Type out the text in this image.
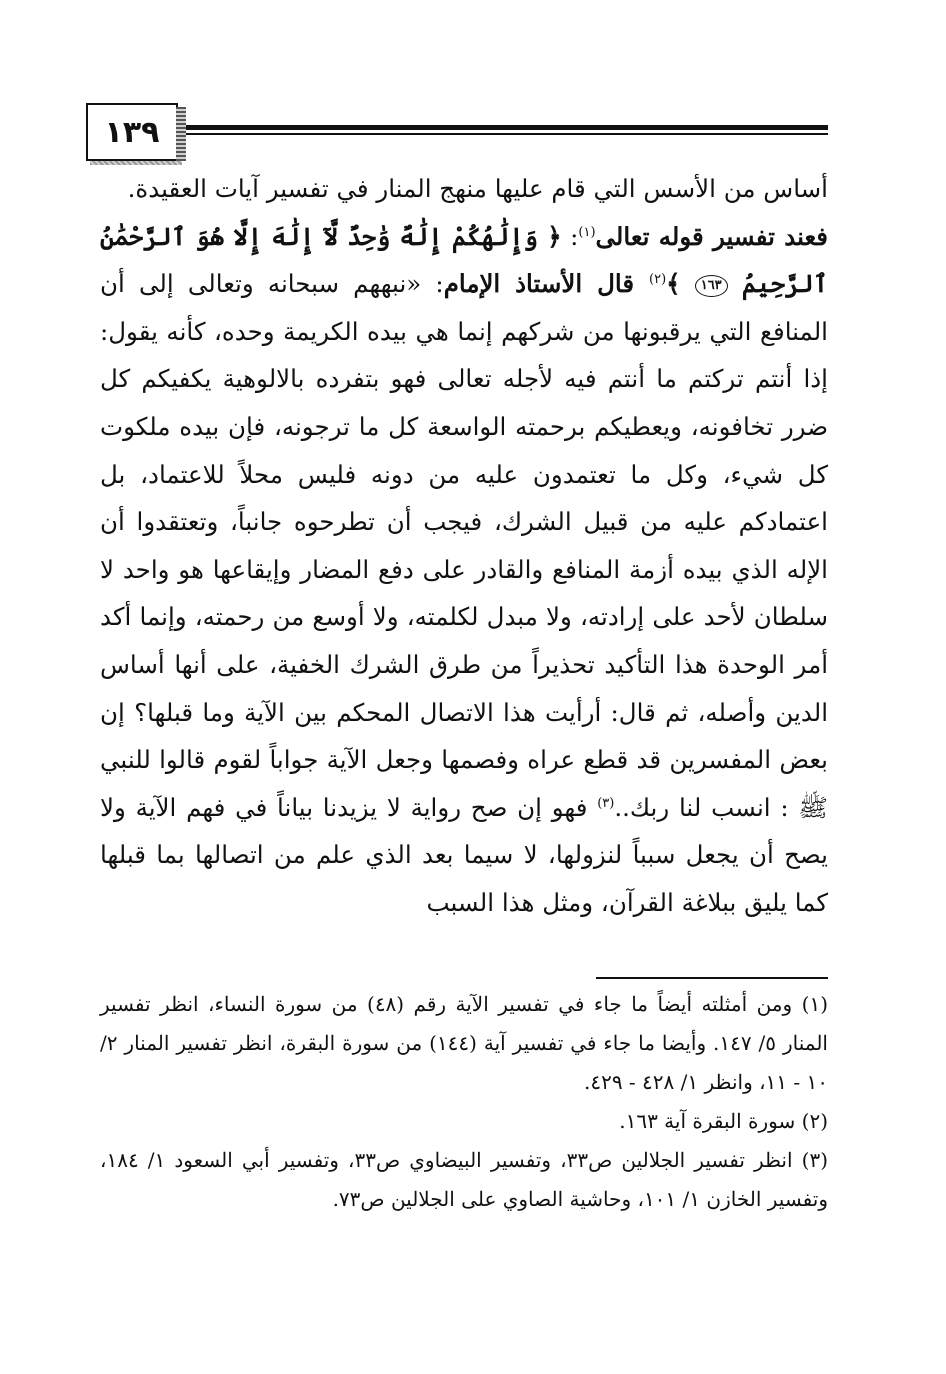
١٣٩

أساس من الأسس التي قام عليها منهج المنار في تفسير آيات العقيدة.

فعند تفسير قوله تعالى$^{(١)}$: ﴿ وَإِلَٰهُكُمْ إِلَٰهٌ وَٰحِدٌ لَّآ إِلَٰهَ إِلَّا هُوَ ٱلرَّحْمَٰنُ ٱلرَّحِيمُ ١٦٣ ﴾$^{(٢)}$ قال الأستاذ الإمام: «نبههم سبحانه وتعالى إلى أن المنافع التي يرقبونها من شركهم إنما هي بيده الكريمة وحده، كأنه يقول: إذا أنتم تركتم ما أنتم فيه لأجله تعالى فهو بتفرده بالالوهية يكفيكم كل ضرر تخافونه، ويعطيكم برحمته الواسعة كل ما ترجونه، فإن بيده ملكوت كل شيء، وكل ما تعتمدون عليه من دونه فليس محلاً للاعتماد، بل اعتمادكم عليه من قبيل الشرك، فيجب أن تطرحوه جانباً، وتعتقدوا أن الإله الذي بيده أزمة المنافع والقادر على دفع المضار وإيقاعها هو واحد لا سلطان لأحد على إرادته، ولا مبدل لكلمته، ولا أوسع من رحمته، وإنما أكد أمر الوحدة هذا التأكيد تحذيراً من طرق الشرك الخفية، على أنها أساس الدين وأصله، ثم قال: أرأيت هذا الاتصال المحكم بين الآية وما قبلها؟ إن بعض المفسرين قد قطع عراه وفصمها وجعل الآية جواباً لقوم قالوا للنبي ﷺ : انسب لنا ربك..$^{(٣)}$ فهو إن صح رواية لا يزيدنا بياناً في فهم الآية ولا يصح أن يجعل سبباً لنزولها، لا سيما بعد الذي علم من اتصالها بما قبلها كما يليق ببلاغة القرآن، ومثل هذا السبب

(١) ومن أمثلته أيضاً ما جاء في تفسير الآية رقم (٤٨) من سورة النساء، انظر تفسير المنار ٥/ ١٤٧. وأيضا ما جاء في تفسير آية (١٤٤) من سورة البقرة، انظر تفسير المنار ٢/ ١٠ - ١١، وانظر ١/ ٤٢٨ - ٤٢٩.

(٢) سورة البقرة آية ١٦٣.

(٣) انظر تفسير الجلالين ص٣٣، وتفسير البيضاوي ص٣٣، وتفسير أبي السعود ١/ ١٨٤، وتفسير الخازن ١/ ١٠١، وحاشية الصاوي على الجلالين ص٧٣.
